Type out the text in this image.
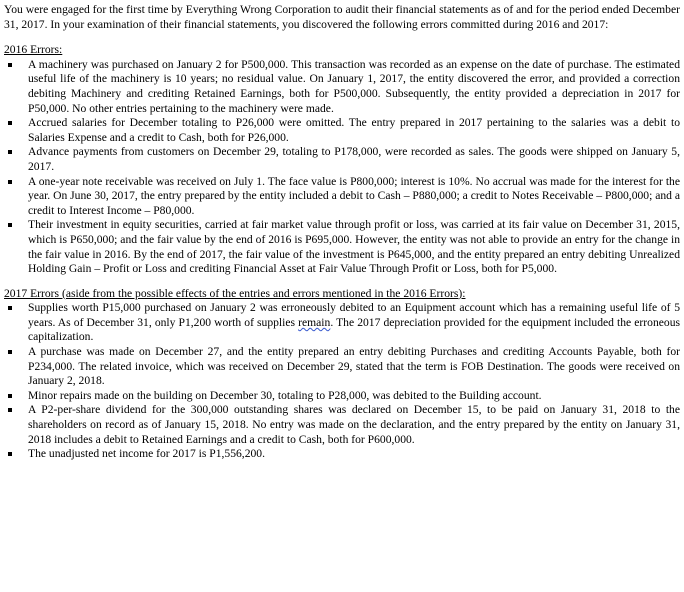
You were engaged for the first time by Everything Wrong Corporation to audit their financial statements as of and for the period ended December 31, 2017. In your examination of their financial statements, you discovered the following errors committed during 2016 and 2017:

2016 Errors:

A machinery was purchased on January 2 for P500,000. This transaction was recorded as an expense on the date of purchase. The estimated useful life of the machinery is 10 years; no residual value. On January 1, 2017, the entity discovered the error, and provided a correction debiting Machinery and crediting Retained Earnings, both for P500,000. Subsequently, the entity provided a depreciation in 2017 for P50,000. No other entries pertaining to the machinery were made.
Accrued salaries for December totaling to P26,000 were omitted. The entry prepared in 2017 pertaining to the salaries was a debit to Salaries Expense and a credit to Cash, both for P26,000.
Advance payments from customers on December 29, totaling to P178,000, were recorded as sales. The goods were shipped on January 5, 2017.
A one-year note receivable was received on July 1. The face value is P800,000; interest is 10%. No accrual was made for the interest for the year. On June 30, 2017, the entry prepared by the entity included a debit to Cash – P880,000; a credit to Notes Receivable – P800,000; and a credit to Interest Income – P80,000.
Their investment in equity securities, carried at fair market value through profit or loss, was carried at its fair value on December 31, 2015, which is P650,000; and the fair value by the end of 2016 is P695,000. However, the entity was not able to provide an entry for the change in the fair value in 2016. By the end of 2017, the fair value of the investment is P645,000, and the entity prepared an entry debiting Unrealized Holding Gain – Profit or Loss and crediting Financial Asset at Fair Value Through Profit or Loss, both for P5,000.

2017 Errors (aside from the possible effects of the entries and errors mentioned in the 2016 Errors):

Supplies worth P15,000 purchased on January 2 was erroneously debited to an Equipment account which has a remaining useful life of 5 years. As of December 31, only P1,200 worth of supplies remain. The 2017 depreciation provided for the equipment included the erroneous capitalization.
A purchase was made on December 27, and the entity prepared an entry debiting Purchases and crediting Accounts Payable, both for P234,000. The related invoice, which was received on December 29, stated that the term is FOB Destination. The goods were received on January 2, 2018.
Minor repairs made on the building on December 30, totaling to P28,000, was debited to the Building account.
A P2-per-share dividend for the 300,000 outstanding shares was declared on December 15, to be paid on January 31, 2018 to the shareholders on record as of January 15, 2018. No entry was made on the declaration, and the entry prepared by the entity on January 31, 2018 includes a debit to Retained Earnings and a credit to Cash, both for P600,000.
The unadjusted net income for 2017 is P1,556,200.
